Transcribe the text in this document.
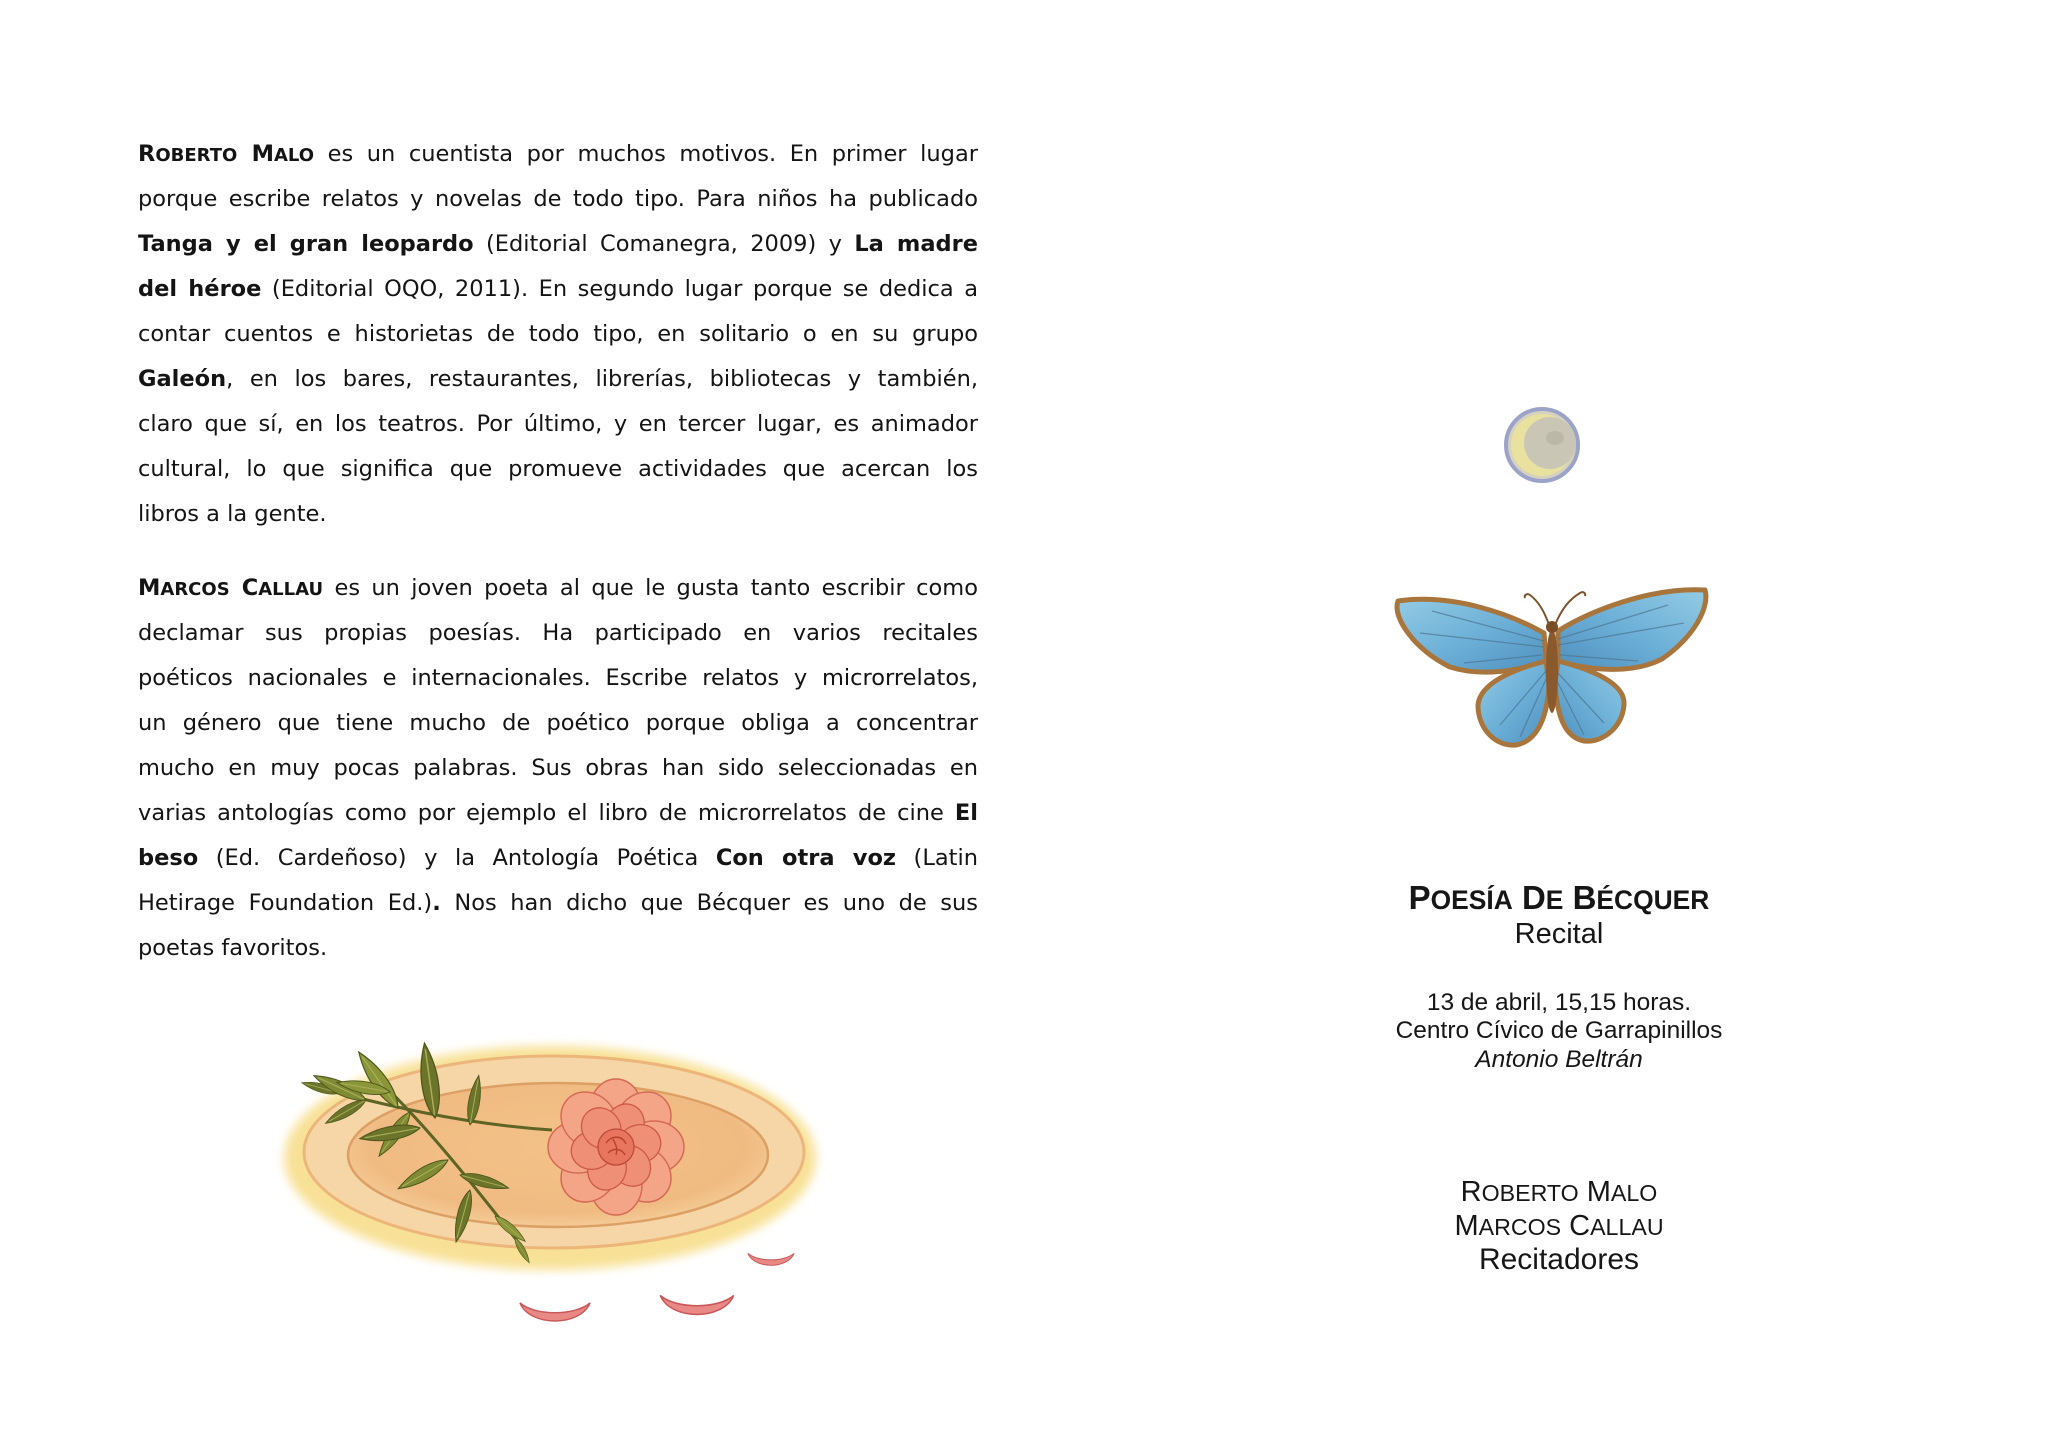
ROBERTO MALO es un cuentista por muchos motivos. En primer lugar
porque escribe relatos y novelas de todo tipo. Para niños ha publicado
Tanga y el gran leopardo (Editorial Comanegra, 2009) y La madre
del héroe (Editorial OQO, 2011). En segundo lugar porque se dedica a
contar cuentos e historietas de todo tipo, en solitario o en su grupo
Galeón, en los bares, restaurantes, librerías, bibliotecas y también,
claro que sí, en los teatros. Por último, y en tercer lugar, es animador
cultural, lo que significa que promueve actividades que acercan los
libros a la gente.
MARCOS CALLAU es un joven poeta al que le gusta tanto escribir como
declamar sus propias poesías. Ha participado en varios recitales
poéticos nacionales e internacionales. Escribe relatos y microrrelatos,
un género que tiene mucho de poético porque obliga a concentrar
mucho en muy pocas palabras. Sus obras han sido seleccionadas en
varias antologías como por ejemplo el libro de microrrelatos de cine El
beso (Ed. Cardeñoso) y la Antología Poética Con otra voz (Latin
Hetirage Foundation Ed.). Nos han dicho que Bécquer es uno de sus
poetas favoritos.
POESÍA DE BÉCQUER
Recital
13 de abril, 15,15 horas.
Centro Cívico de Garrapinillos
Antonio Beltrán
ROBERTO MALO
MARCOS CALLAU
Recitadores
